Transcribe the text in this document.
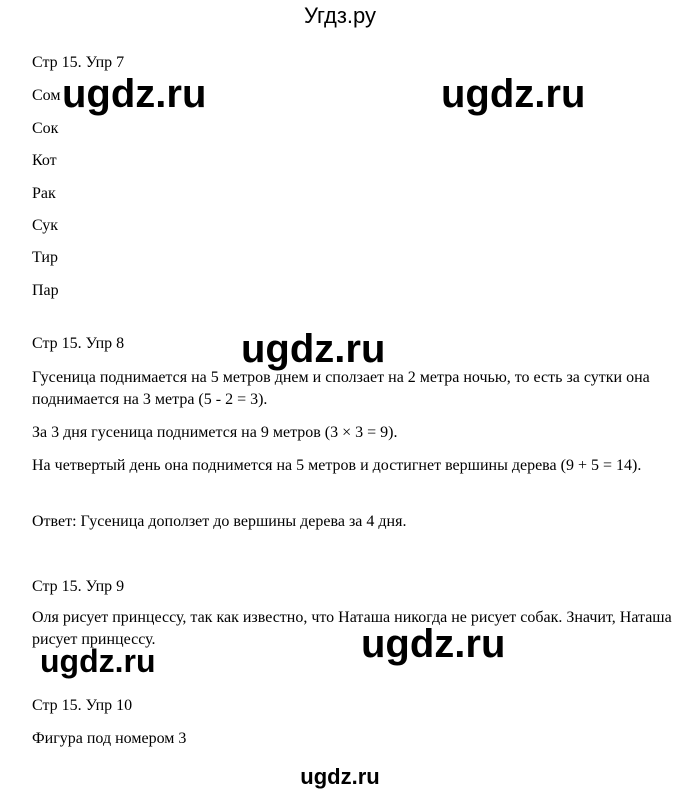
Угдз.ру
Стр 15. Упр 7
Сом
Сок
Кот
Рак
Сук
Тир
Пар
Стр 15. Упр 8
Гусеница поднимается на 5 метров днем и сползает на 2 метра ночью, то есть за сутки она поднимается на 3 метра (5 - 2 = 3).
За 3 дня гусеница поднимется на 9 метров (3 × 3 = 9).
На четвертый день она поднимется на 5 метров и достигнет вершины дерева (9 + 5 = 14).
Ответ: Гусеница доползет до вершины дерева за 4 дня.
Стр 15. Упр 9
Оля рисует принцессу, так как известно, что Наташа никогда не рисует собак. Значит, Наташа рисует принцессу.
Стр 15. Упр 10
Фигура под номером 3
ugdz.ru	ugdz.ru
ugdz.ru
ugdz.ru
ugdz.ru
ugdz.ru
